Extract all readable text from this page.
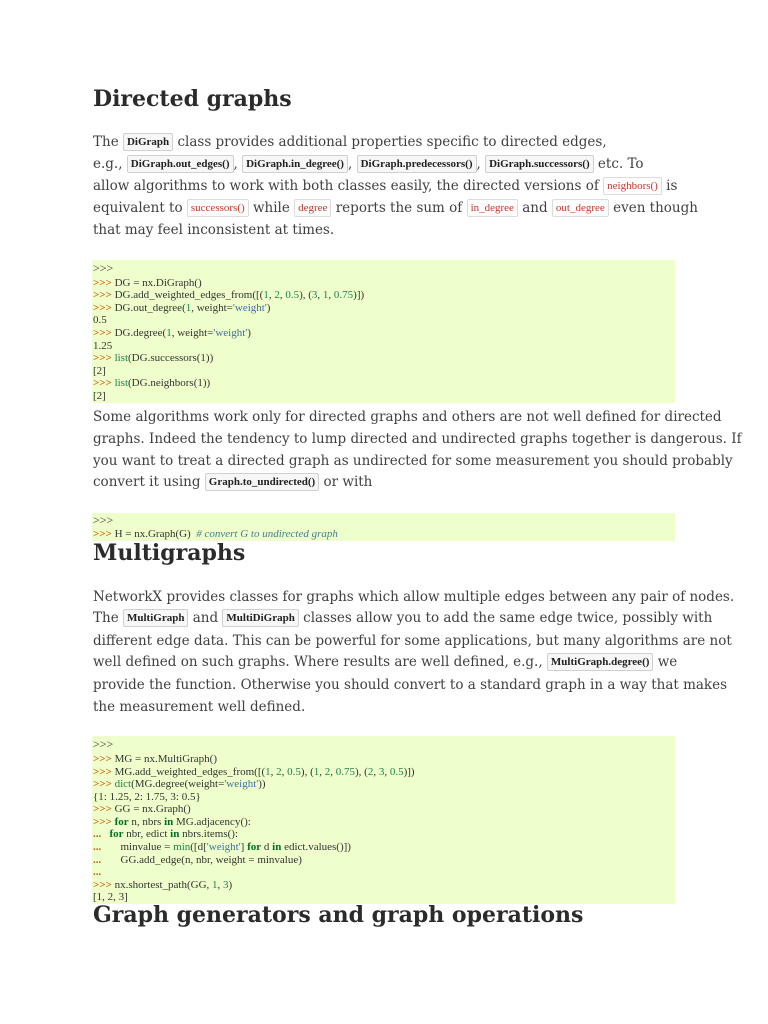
Directed graphs
The DiGraph class provides additional properties specific to directed edges,
e.g., DiGraph.out_edges() , DiGraph.in_degree() , DiGraph.predecessors() , DiGraph.successors() etc. To
allow algorithms to work with both classes easily, the directed versions of neighbors() is
equivalent to successors() while degree reports the sum of in_degree and out_degree even though
that may feel inconsistent at times.
>>>
>>> DG = nx.DiGraph()
>>> DG.add_weighted_edges_from([(1, 2, 0.5), (3, 1, 0.75)])
>>> DG.out_degree(1, weight='weight')
0.5
>>> DG.degree(1, weight='weight')
1.25
>>> list(DG.successors(1))
[2]
>>> list(DG.neighbors(1))
[2]
Some algorithms work only for directed graphs and others are not well defined for directed
graphs. Indeed the tendency to lump directed and undirected graphs together is dangerous. If
you want to treat a directed graph as undirected for some measurement you should probably
convert it using Graph.to_undirected() or with
>>>
>>> H = nx.Graph(G)  # convert G to undirected graph
Multigraphs
NetworkX provides classes for graphs which allow multiple edges between any pair of nodes.
The MultiGraph and MultiDiGraph classes allow you to add the same edge twice, possibly with
different edge data. This can be powerful for some applications, but many algorithms are not
well defined on such graphs. Where results are well defined, e.g., MultiGraph.degree() we
provide the function. Otherwise you should convert to a standard graph in a way that makes
the measurement well defined.
>>>
>>> MG = nx.MultiGraph()
>>> MG.add_weighted_edges_from([(1, 2, 0.5), (1, 2, 0.75), (2, 3, 0.5)])
>>> dict(MG.degree(weight='weight'))
{1: 1.25, 2: 1.75, 3: 0.5}
>>> GG = nx.Graph()
>>> for n, nbrs in MG.adjacency():
... for nbr, edict in nbrs.items():
...       minvalue = min([d['weight'] for d in edict.values()])
...       GG.add_edge(n, nbr, weight = minvalue)
...
>>> nx.shortest_path(GG, 1, 3)
[1, 2, 3]
Graph generators and graph operations
